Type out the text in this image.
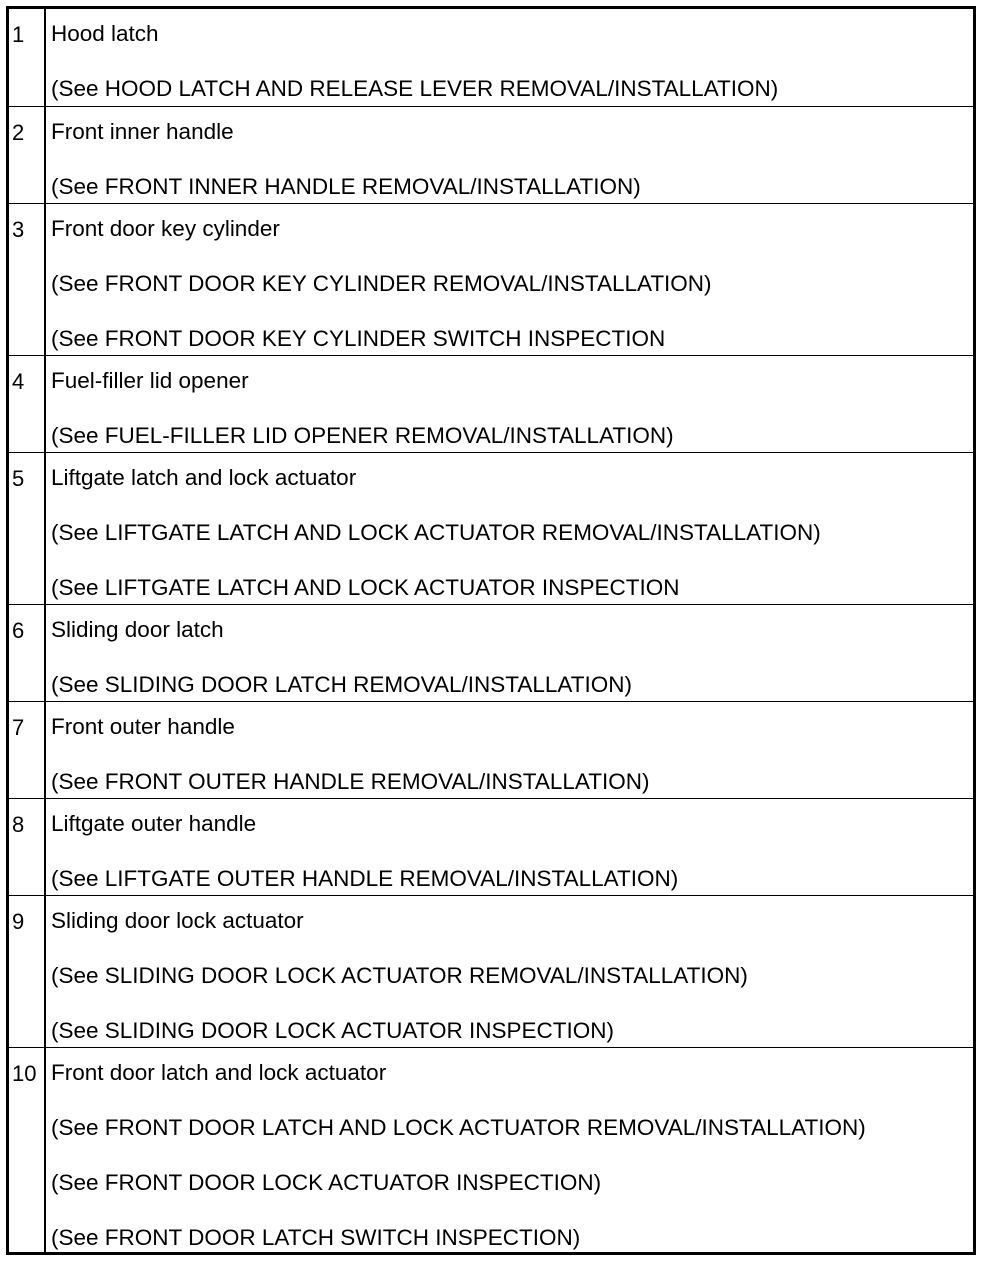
1	Hood latch
(See HOOD LATCH AND RELEASE LEVER REMOVAL/INSTALLATION)

2	Front inner handle
(See FRONT INNER HANDLE REMOVAL/INSTALLATION)

3	Front door key cylinder
(See FRONT DOOR KEY CYLINDER REMOVAL/INSTALLATION)
(See FRONT DOOR KEY CYLINDER SWITCH INSPECTION

4	Fuel-filler lid opener
(See FUEL-FILLER LID OPENER REMOVAL/INSTALLATION)

5	Liftgate latch and lock actuator
(See LIFTGATE LATCH AND LOCK ACTUATOR REMOVAL/INSTALLATION)
(See LIFTGATE LATCH AND LOCK ACTUATOR INSPECTION

6	Sliding door latch
(See SLIDING DOOR LATCH REMOVAL/INSTALLATION)

7	Front outer handle
(See FRONT OUTER HANDLE REMOVAL/INSTALLATION)

8	Liftgate outer handle
(See LIFTGATE OUTER HANDLE REMOVAL/INSTALLATION)

9	Sliding door lock actuator
(See SLIDING DOOR LOCK ACTUATOR REMOVAL/INSTALLATION)
(See SLIDING DOOR LOCK ACTUATOR INSPECTION)

10	Front door latch and lock actuator
(See FRONT DOOR LATCH AND LOCK ACTUATOR REMOVAL/INSTALLATION)
(See FRONT DOOR LOCK ACTUATOR INSPECTION)
(See FRONT DOOR LATCH SWITCH INSPECTION)
